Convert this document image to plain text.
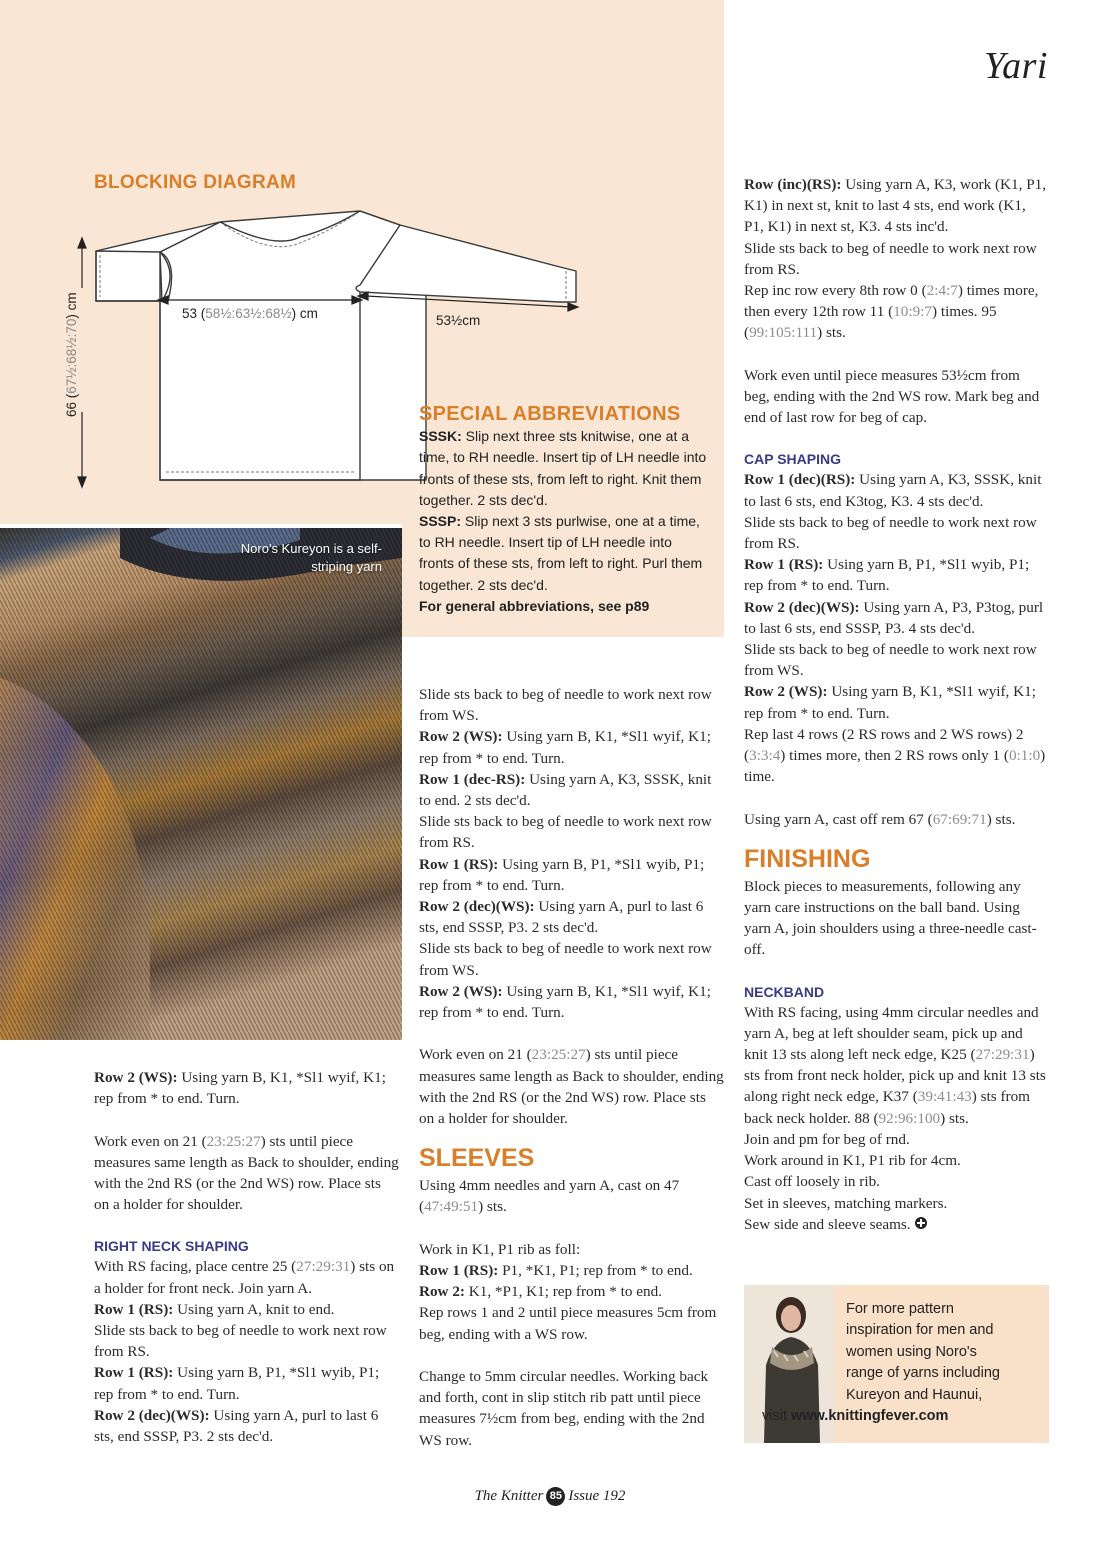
Yari
BLOCKING DIAGRAM
66 (67½:68½:70) cm	53 (58½:63½:68½) cm	53½cm
Noro's Kureyon is a self-striping yarn
SPECIAL ABBREVIATIONS

SSSK: Slip next three sts knitwise, one at a time, to RH needle. Insert tip of LH needle into fronts of these sts, from left to right. Knit them together. 2 sts dec'd.

SSSP: Slip next 3 sts purlwise, one at a time, to RH needle. Insert tip of LH needle into fronts of these sts, from left to right. Purl them together. 2 sts dec'd.

For general abbreviations, see p89

Row 2 (WS): Using yarn B, K1, *Sl1 wyif, K1; rep from * to end. Turn.

Work even on 21 (23:25:27) sts until piece measures same length as Back to shoulder, ending with the 2nd RS (or the 2nd WS) row. Place sts on a holder for shoulder.

RIGHT NECK SHAPING

With RS facing, place centre 25 (27:29:31) sts on a holder for front neck. Join yarn A.

Row 1 (RS): Using yarn A, knit to end.

Slide sts back to beg of needle to work next row from RS.

Row 1 (RS): Using yarn B, P1, *Sl1 wyib, P1; rep from * to end. Turn.

Row 2 (dec)(WS): Using yarn A, purl to last 6 sts, end SSSP, P3. 2 sts dec'd.

Slide sts back to beg of needle to work next row from WS.

Row 2 (WS): Using yarn B, K1, *Sl1 wyif, K1; rep from * to end. Turn.

Row 1 (dec-RS): Using yarn A, K3, SSSK, knit to end. 2 sts dec'd.

Slide sts back to beg of needle to work next row from RS.

Row 1 (RS): Using yarn B, P1, *Sl1 wyib, P1; rep from * to end. Turn.

Row 2 (dec)(WS): Using yarn A, purl to last 6 sts, end SSSP, P3. 2 sts dec'd.

Slide sts back to beg of needle to work next row from WS.

Row 2 (WS): Using yarn B, K1, *Sl1 wyif, K1; rep from * to end. Turn.

Work even on 21 (23:25:27) sts until piece measures same length as Back to shoulder, ending with the 2nd RS (or the 2nd WS) row. Place sts on a holder for shoulder.

SLEEVES

Using 4mm needles and yarn A, cast on 47 (47:49:51) sts.

Work in K1, P1 rib as foll:

Row 1 (RS): P1, *K1, P1; rep from * to end.

Row 2: K1, *P1, K1; rep from * to end.

Rep rows 1 and 2 until piece measures 5cm from beg, ending with a WS row.

Change to 5mm circular needles. Working back and forth, cont in slip stitch rib patt until piece measures 7½cm from beg, ending with the 2nd WS row.

Row (inc)(RS): Using yarn A, K3, work (K1, P1, K1) in next st, knit to last 4 sts, end work (K1, P1, K1) in next st, K3. 4 sts inc'd.

Slide sts back to beg of needle to work next row from RS.

Rep inc row every 8th row 0 (2:4:7) times more, then every 12th row 11 (10:9:7) times. 95 (99:105:111) sts.

Work even until piece measures 53½cm from beg, ending with the 2nd WS row. Mark beg and end of last row for beg of cap.

CAP SHAPING

Row 1 (dec)(RS): Using yarn A, K3, SSSK, knit to last 6 sts, end K3tog, K3. 4 sts dec'd.

Slide sts back to beg of needle to work next row from RS.

Row 1 (RS): Using yarn B, P1, *Sl1 wyib, P1; rep from * to end. Turn.

Row 2 (dec)(WS): Using yarn A, P3, P3tog, purl to last 6 sts, end SSSP, P3. 4 sts dec'd.

Slide sts back to beg of needle to work next row from WS.

Row 2 (WS): Using yarn B, K1, *Sl1 wyif, K1; rep from * to end. Turn.

Rep last 4 rows (2 RS rows and 2 WS rows) 2 (3:3:4) times more, then 2 RS rows only 1 (0:1:0) time.

Using yarn A, cast off rem 67 (67:69:71) sts.

FINISHING

Block pieces to measurements, following any yarn care instructions on the ball band. Using yarn A, join shoulders using a three-needle cast-off.

NECKBAND

With RS facing, using 4mm circular needles and yarn A, beg at left shoulder seam, pick up and knit 13 sts along left neck edge, K25 (27:29:31) sts from front neck holder, pick up and knit 13 sts along right neck edge, K37 (39:41:43) sts from back neck holder. 88 (92:96:100) sts.

Join and pm for beg of rnd.

Work around in K1, P1 rib for 4cm.

Cast off loosely in rib.

Set in sleeves, matching markers.

Sew side and sleeve seams.

For more pattern
inspiration for men and
women using Noro's
range of yarns including
Kureyon and Haunui,
visit www.knittingfever.com
The Knitter 85 Issue 192
